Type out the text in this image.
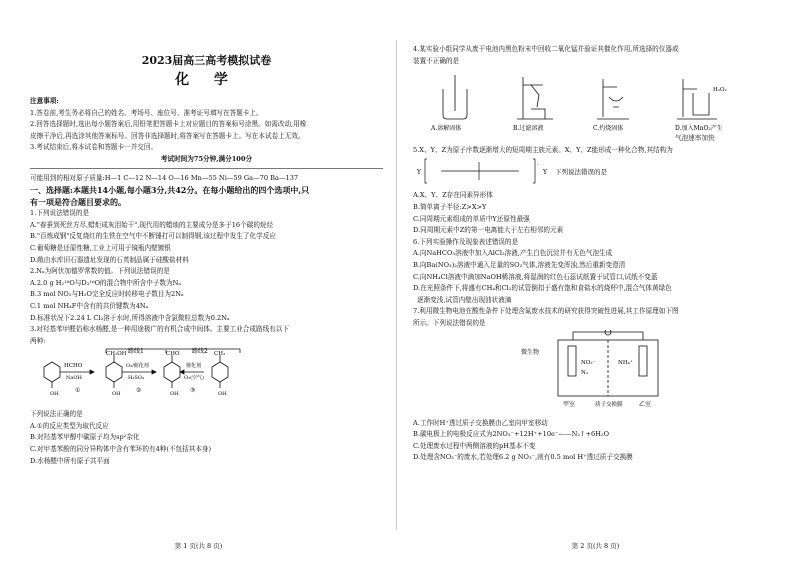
2023届高三高考模拟试卷
化 学
注意事项:
1.答卷前,考生务必将自己的姓名、考场号、座位号、准考证号填写在答题卡上。
2.回答选择题时,选出每小题答案后,用铅笔把答题卡上对应题目的答案标号涂黑。如需改动,用橡
皮擦干净后,再选涂其他答案标号。回答非选择题时,将答案写在答题卡上。写在本试卷上无效。
3.考试结束后,将本试卷和答题卡一并交回。
考试时间为75分钟,满分100分
可能用到的相对原子质量:H—1 C—12 N—14 O—16 Mn—55 Ni—59 Ga—70 Ba—137
一、选择题:本题共14小题,每小题3分,共42分。在每小题给出的四个选项中,只
有一项是符合题目要求的。
1.下列说法错误的是
A."春蚕到死丝方尽,蜡炬成灰泪始干",现代用的蜡烛的主要成分是多于16个碳的烷烃
B."百炼成钢"反复烧红的生铁在空气中不断锤打可以制得钢,该过程中发生了化学反应
C.葡萄糖是还原性糖,工业上可用于镜瓶内壁镀银
D.敞由水库旧石器遗址发现的石英制品属于硅酸盐材料
2.Nₐ为阿伏加德罗常数的值。下列说法错误的是
A.2.0 g H₂¹⁸O与D₂¹⁶O的混合物中所含中子数为Nₐ
B.3 mol NO₂与H₂O完全反应时转移电子数目为2Nₐ
C.1 mol NH₄F中含有的共价键数为4Nₐ
D.标准状况下2.24 L Cl₂溶于水时,所得溶液中含氯微粒总数为0.2Nₐ
3.对羟基苯甲醛俗称水杨醛,是一种用途极广的有机合成中间体。主要工业合成路线有以下
两种:
路线1	路线2
HCHO
NaOH
CH₂OH
O₂/催化剂
H₂SO₄
CHO
催化剂
O₂(空气)
CH₃
OH	OH	OH	OH
①	②	③
下列说法正确的是
A.①的反应类型为取代反应
B.对羟基苯甲醇中碳原子均为sp²杂化
C.对甲基苯酚的同分异构体中含有苯环的有4种(不包括其本身)
D.水杨醛中所有原子共平面
第 1 页(共 8 页)
4.某实验小组同学从废干电池内黑色粉末中回收二氧化锰并验证其催化作用,所选择的仪器或
装置不正确的是
H₂O₂
A.溶解固体	B.过滤溶液	C.灼烧固体	D.加入MnO₂产生
气泡速率加快
5.X、Y、Z为原子序数逐渐增大的短周期主族元素。X、Y、Z能形成一种化合物,其结构为
Y
-
Y 下列说法错误的是
A.X、Y、Z存在同素异形体
B.简单离子半径:Z>X>Y
C.同周期元素组成的单质中Y还原性最强
D.同周期元素中Z的第一电离能大于左右相邻的元素
6.下列实验操作及现象表述错误的是
A.向NaHCO₃溶液中加入AlCl₃溶液,产生白色沉淀并有无色气泡生成
B.向Ba(NO₃)₂溶液中通入足量的SO₂气体,溶液先变浑浊,然后重新变澄清
C.向NH₄Cl溶液中滴加NaOH稀溶液,将湿润的红色石蕊试纸置于试管口,试纸不变蓝
D.在光照条件下,将盛有CH₄和Cl₂的试管倒扣于盛有饱和食盐水的烧杯中,混合气体黄绿色
逐渐变浅,试管内壁出现油状液滴
7.利用微生物电池在酸性条件下处理含氮废水技术的研究获得突破性进展,其工作原理如下图
所示。下列说法错误的是
微生物
NO₃⁻
N₂
NH₄⁺
甲室	质子交换膜	乙室
A.工作时H⁺透过质子交换膜由乙室向甲室移动
B.碳电极上的电极反应式为2NO₃⁻+12H⁺+10e⁻——N₂↑+6H₂O
C.处理废水过程中两侧溶液的pH基本不变
D.处理含NO₃⁻的废水,若处理6.2 g NO₃⁻,则有0.5 mol H⁺透过质子交换膜
第 2 页(共 8 页)
